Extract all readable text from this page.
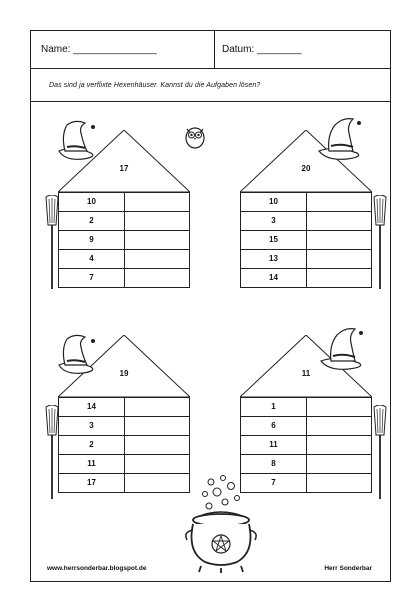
Name: _______________	Datum: ________
Das sind ja verflixte Hexenhäuser. Kannst du die Aufgaben lösen?
17
10
2
9
4
7
20
10
3
15
13
14
19
14
3
2
11
17
11
1
6
11
8
7
www.herrsonderbar.blogspot.de	Herr Sonderbar
